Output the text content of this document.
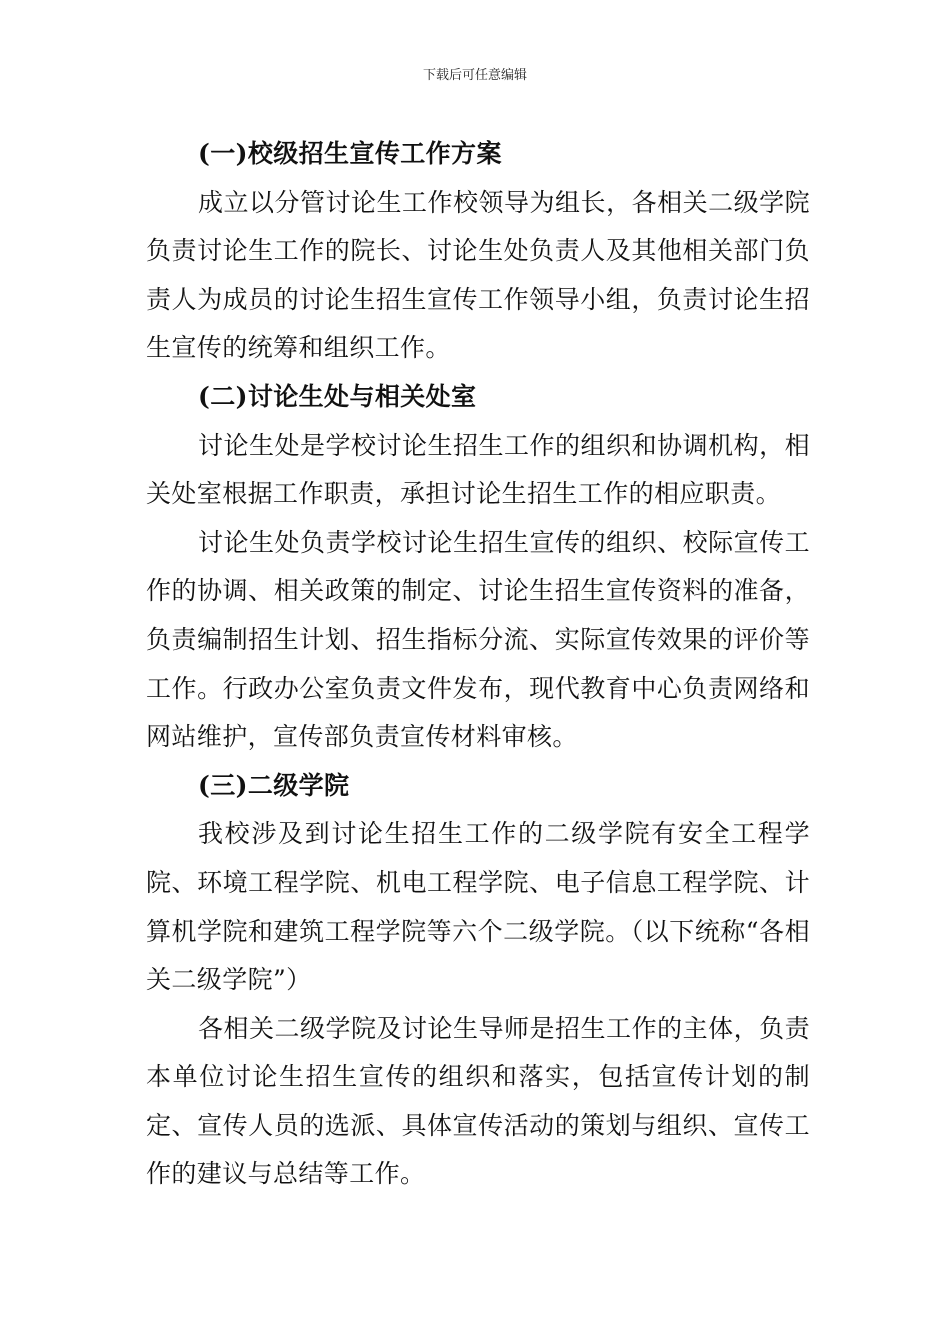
下载后可任意编辑
(一)校级招生宣传工作方案

成立以分管讨论生工作校领导为组长，各相关二级学院负责讨论生工作的院长、讨论生处负责人及其他相关部门负责人为成员的讨论生招生宣传工作领导小组，负责讨论生招生宣传的统筹和组织工作。

(二)讨论生处与相关处室

讨论生处是学校讨论生招生工作的组织和协调机构，相关处室根据工作职责，承担讨论生招生工作的相应职责。

讨论生处负责学校讨论生招生宣传的组织、校际宣传工作的协调、相关政策的制定、讨论生招生宣传资料的准备，负责编制招生计划、招生指标分流、实际宣传效果的评价等工作。行政办公室负责文件发布，现代教育中心负责网络和网站维护，宣传部负责宣传材料审核。

(三)二级学院

我校涉及到讨论生招生工作的二级学院有安全工程学院、环境工程学院、机电工程学院、电子信息工程学院、计算机学院和建筑工程学院等六个二级学院。（以下统称“各相关二级学院”）

各相关二级学院及讨论生导师是招生工作的主体，负责本单位讨论生招生宣传的组织和落实，包括宣传计划的制定、宣传人员的选派、具体宣传活动的策划与组织、宣传工作的建议与总结等工作。
